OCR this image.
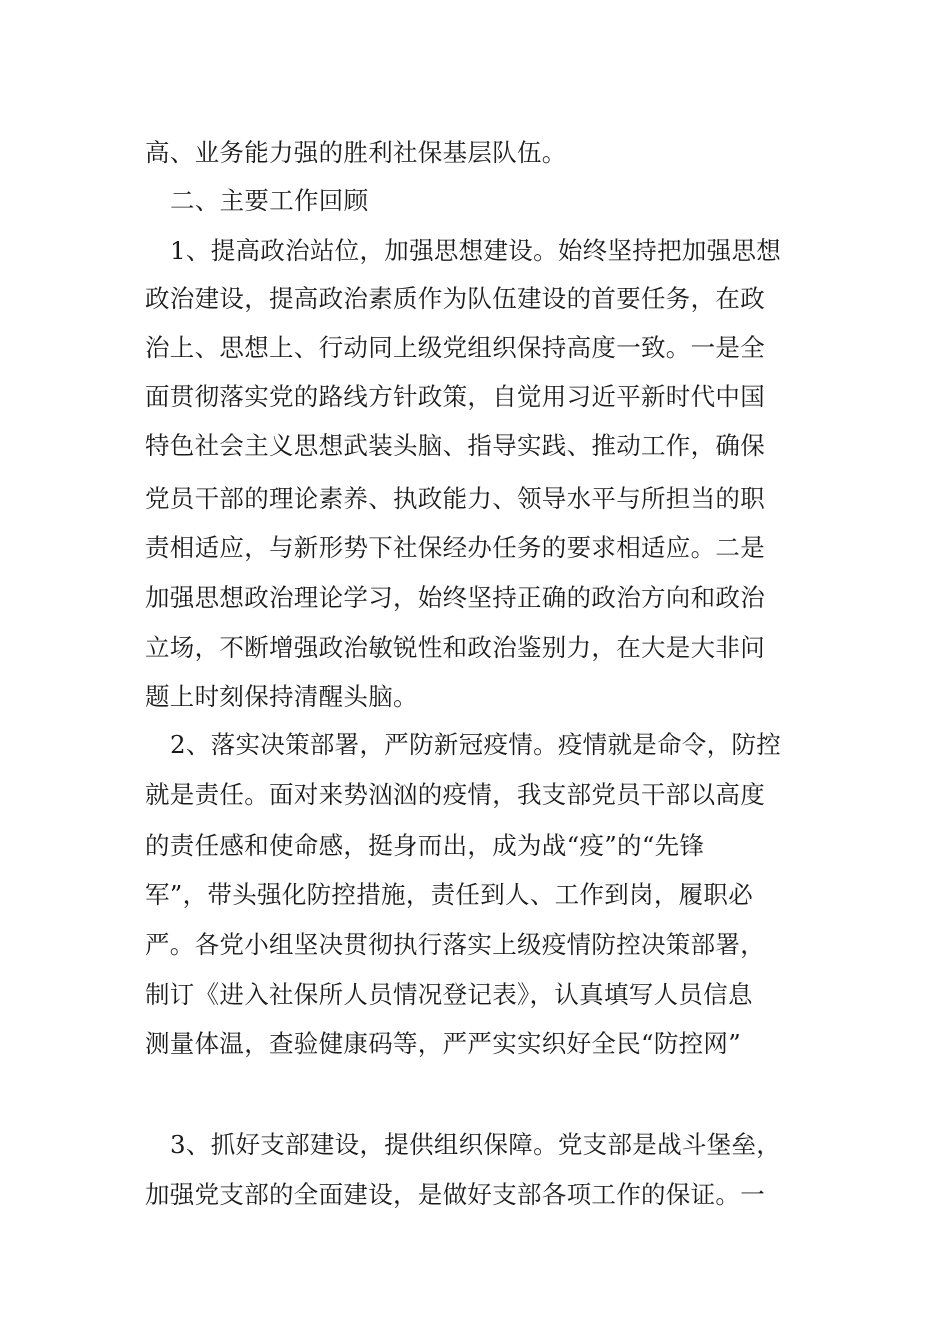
高、业务能力强的胜利社保基层队伍。
二、主要工作回顾
1、提高政治站位，加强思想建设。始终坚持把加强思想
政治建设，提高政治素质作为队伍建设的首要任务，在政
治上、思想上、行动同上级党组织保持高度一致。一是全
面贯彻落实党的路线方针政策，自觉用习近平新时代中国
特色社会主义思想武装头脑、指导实践、推动工作，确保
党员干部的理论素养、执政能力、领导水平与所担当的职
责相适应，与新形势下社保经办任务的要求相适应。二是
加强思想政治理论学习，始终坚持正确的政治方向和政治
立场，不断增强政治敏锐性和政治鉴别力，在大是大非问
题上时刻保持清醒头脑。
2、落实决策部署，严防新冠疫情。疫情就是命令，防控
就是责任。面对来势汹汹的疫情，我支部党员干部以高度
的责任感和使命感，挺身而出，成为战“疫”的“先锋
军”，带头强化防控措施，责任到人、工作到岗，履职必
严。各党小组坚决贯彻执行落实上级疫情防控决策部署，
制订《进入社保所人员情况登记表》，认真填写人员信息
测量体温，查验健康码等，严严实实织好全民“防控网”
3、抓好支部建设，提供组织保障。党支部是战斗堡垒，
加强党支部的全面建设，是做好支部各项工作的保证。一
